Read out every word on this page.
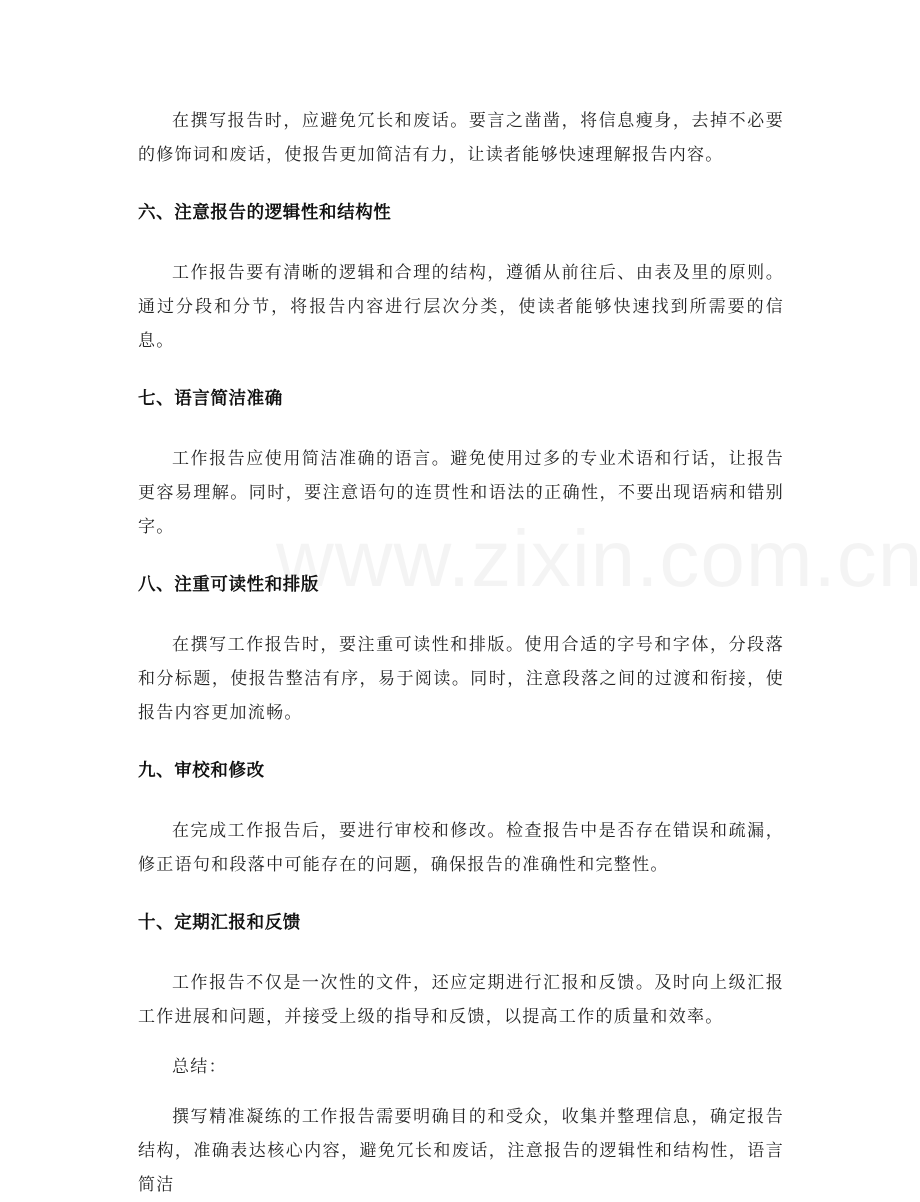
在撰写报告时，应避免冗长和废话。要言之凿凿，将信息瘦身，去掉不必要的修饰词和废话，使报告更加简洁有力，让读者能够快速理解报告内容。

六、注意报告的逻辑性和结构性

工作报告要有清晰的逻辑和合理的结构，遵循从前往后、由表及里的原则。通过分段和分节，将报告内容进行层次分类，使读者能够快速找到所需要的信息。

七、语言简洁准确

工作报告应使用简洁准确的语言。避免使用过多的专业术语和行话，让报告更容易理解。同时，要注意语句的连贯性和语法的正确性，不要出现语病和错别字。

八、注重可读性和排版

在撰写工作报告时，要注重可读性和排版。使用合适的字号和字体，分段落和分标题，使报告整洁有序，易于阅读。同时，注意段落之间的过渡和衔接，使报告内容更加流畅。

九、审校和修改

在完成工作报告后，要进行审校和修改。检查报告中是否存在错误和疏漏，修正语句和段落中可能存在的问题，确保报告的准确性和完整性。

十、定期汇报和反馈

工作报告不仅是一次性的文件，还应定期进行汇报和反馈。及时向上级汇报工作进展和问题，并接受上级的指导和反馈，以提高工作的质量和效率。

总结：

撰写精准凝练的工作报告需要明确目的和受众，收集并整理信息，确定报告结构，准确表达核心内容，避免冗长和废话，注意报告的逻辑性和结构性，语言简洁
